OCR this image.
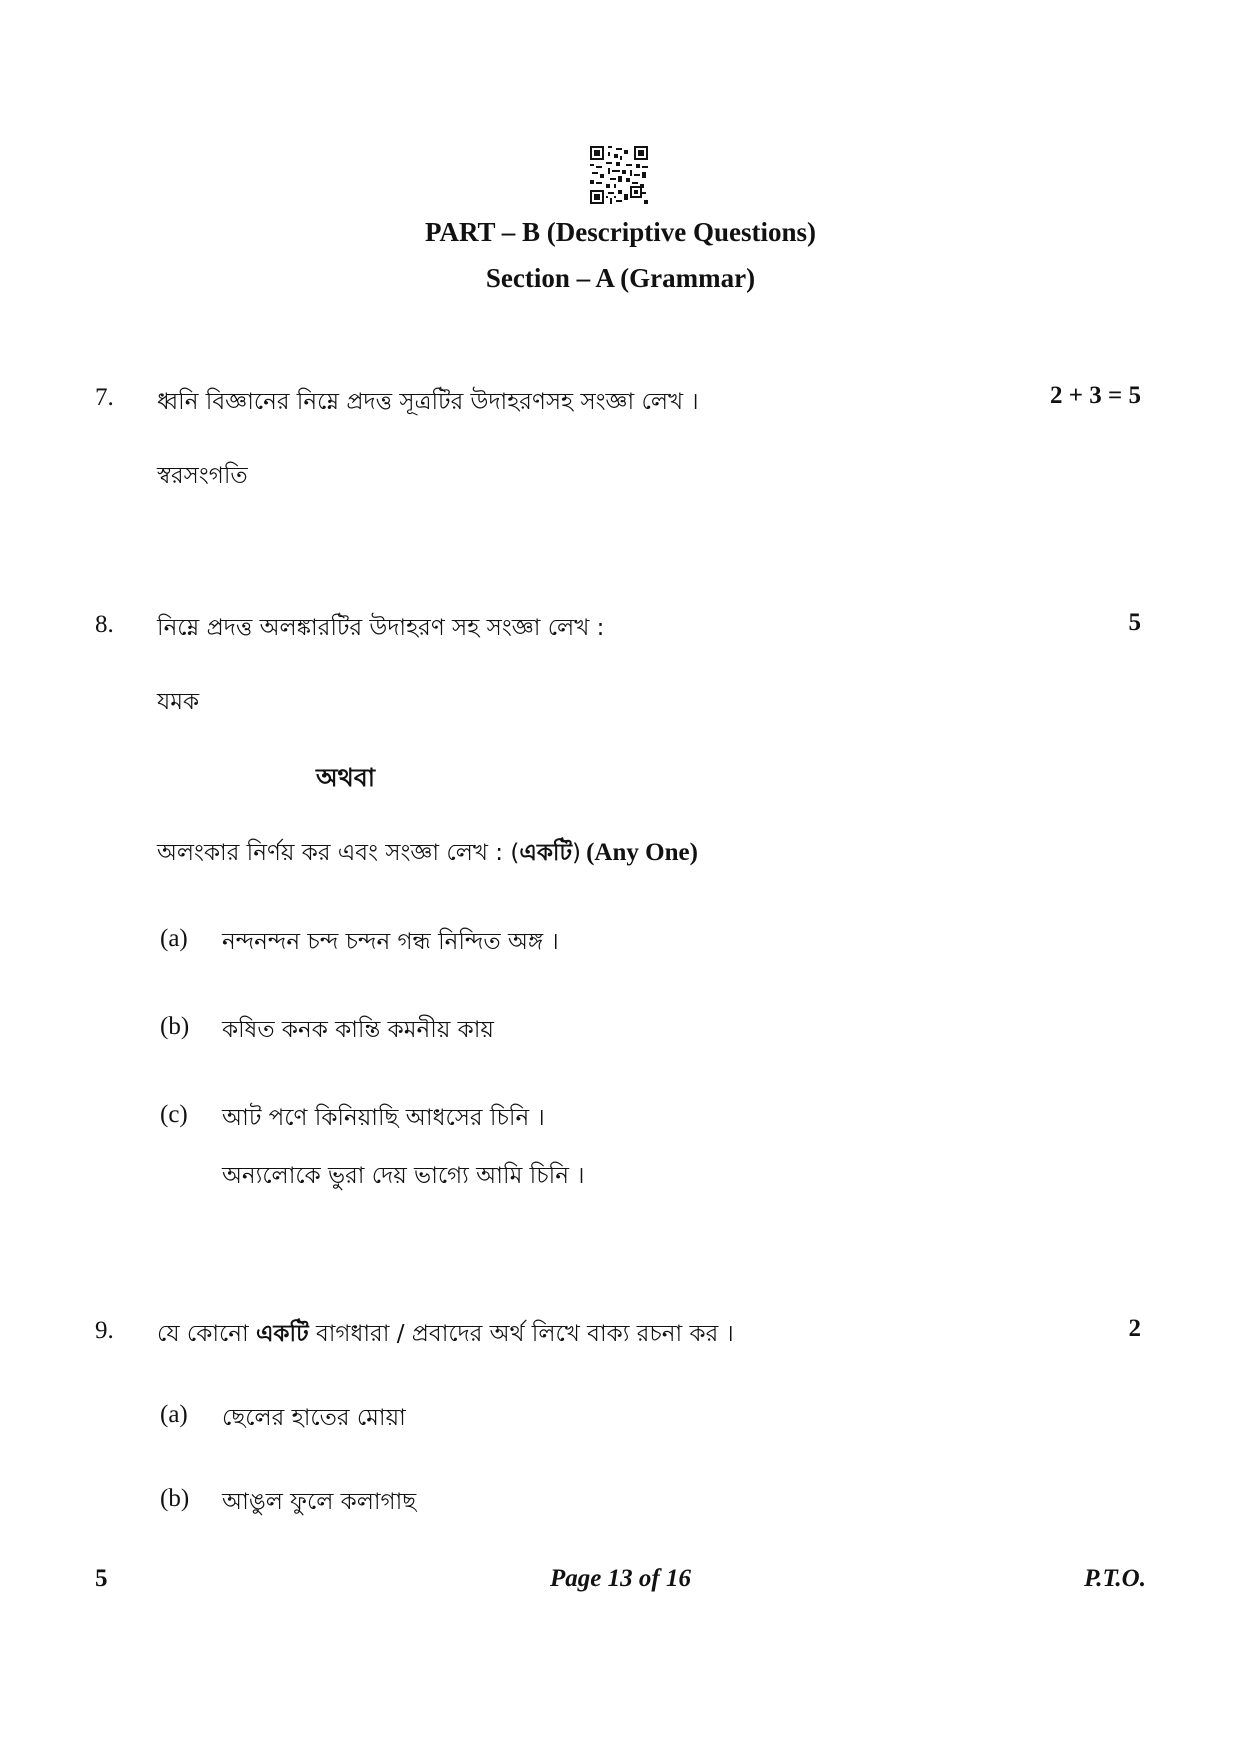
PART – B (Descriptive Questions)
Section – A (Grammar)
7. ধ্বনি বিজ্ঞানের নিম্নে প্রদত্ত সূত্রটির উদাহরণসহ সংজ্ঞা লেখ ।	2 + 3 = 5
স্বরসংগতি
8. নিম্নে প্রদত্ত অলঙ্কারটির উদাহরণ সহ সংজ্ঞা লেখ :	5
যমক
অথবা
অলংকার নির্ণয় কর এবং সংজ্ঞা লেখ : (একটি) (Any One)
(a) নন্দনন্দন চন্দ চন্দন গন্ধ নিন্দিত অঙ্গ ।
(b) কষিত কনক কান্তি কমনীয় কায়
(c) আট পণে কিনিয়াছি আধসের চিনি ।
অন্যলোকে ভুরা দেয় ভাগ্যে আমি চিনি ।
9. যে কোনো একটি বাগধারা / প্রবাদের অর্থ লিখে বাক্য রচনা কর ।	2
(a) ছেলের হাতের মোয়া
(b) আঙুল ফুলে কলাগাছ
5	Page 13 of 16	P.T.O.
